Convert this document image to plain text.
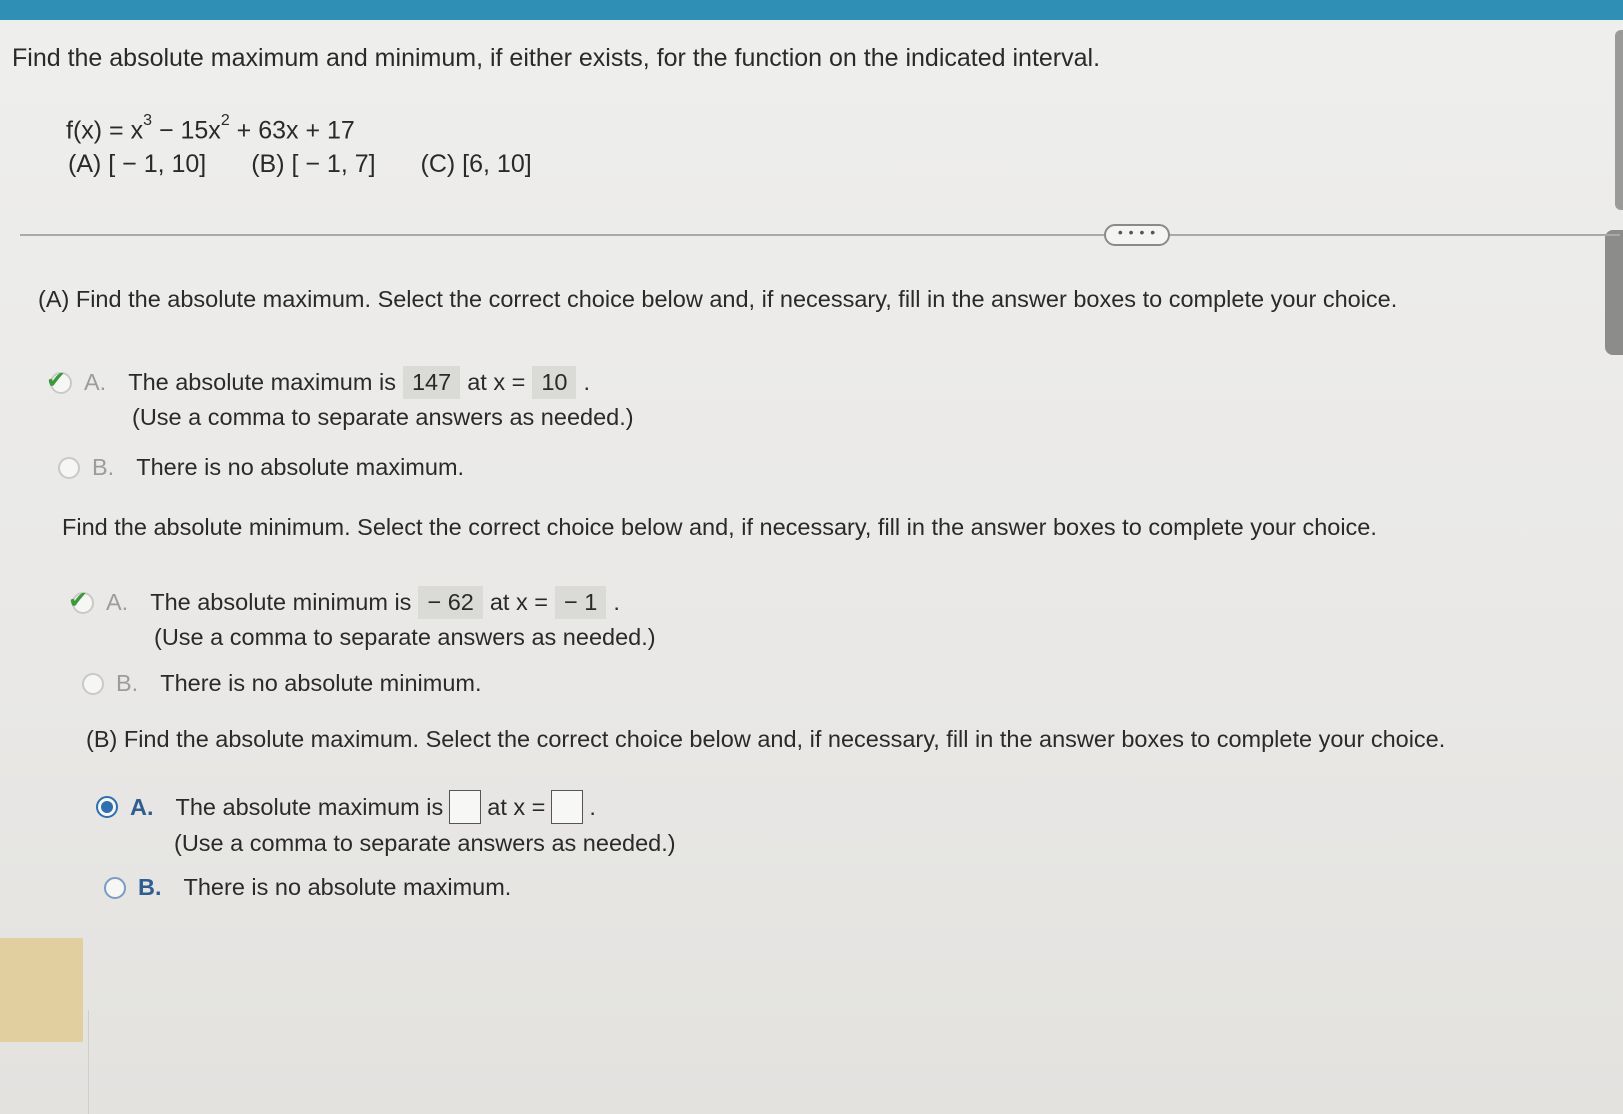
Find the absolute maximum and minimum, if either exists, for the function on the indicated interval.
$f(x) = x^3 - 15x^2 + 63x + 17$
(A) [ − 1, 10] (B) [ − 1, 7] (C) [6, 10]
• • • •
(A) Find the absolute maximum. Select the correct choice below and, if necessary, fill in the answer boxes to complete your choice.
✔ A. The absolute maximum is 147 at x = 10 .
(Use a comma to separate answers as needed.)
B. There is no absolute maximum.
Find the absolute minimum. Select the correct choice below and, if necessary, fill in the answer boxes to complete your choice.
✔ A. The absolute minimum is − 62 at x = − 1 .
(Use a comma to separate answers as needed.)
B. There is no absolute minimum.
(B) Find the absolute maximum. Select the correct choice below and, if necessary, fill in the answer boxes to complete your choice.
A. The absolute maximum is at x = .
(Use a comma to separate answers as needed.)
B. There is no absolute maximum.
